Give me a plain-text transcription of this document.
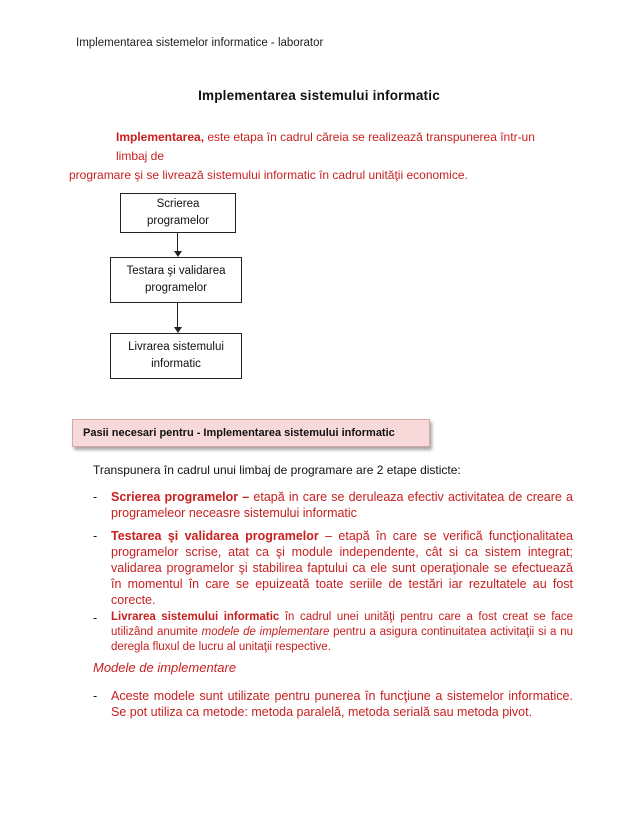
Implementarea sistemelor informatice - laborator
Implementarea sistemului informatic
Implementarea, este etapa în cadrul căreia se realizează transpunerea într-un limbaj de
programare şi se livrează sistemului informatic în cadrul unităţii economice.
Scrierea
programelor
Testara şi validarea
programelor
Livrarea sistemului
informatic
Pasii necesari pentru - Implementarea sistemului informatic
Transpunera în cadrul unui limbaj de programare are 2 etape disticte:
- Scrierea programelor – etapă in care se deruleaza efectiv activitatea de creare a programeleor neceasre sistemului informatic
- Testarea şi validarea programelor – etapă în care se verifică funcţionalitatea programelor scrise, atat ca şi module independente, cât si ca sistem integrat; validarea programelor şi stabilirea faptului ca ele sunt operaţionale se efectuează în momentul în care se epuizeată toate seriile de testări iar rezultatele au fost corecte.
- Livrarea sistemului informatic în cadrul unei unităţi pentru care a fost creat se face utilizând anumite modele de implementare pentru a asigura continuitatea activitaţii si a nu deregla fluxul de lucru al unitaţii respective.
Modele de implementare
- Aceste modele sunt utilizate pentru punerea în funcţiune a sistemelor informatice. Se pot utiliza ca metode: metoda paralelă, metoda serială sau metoda pivot.
